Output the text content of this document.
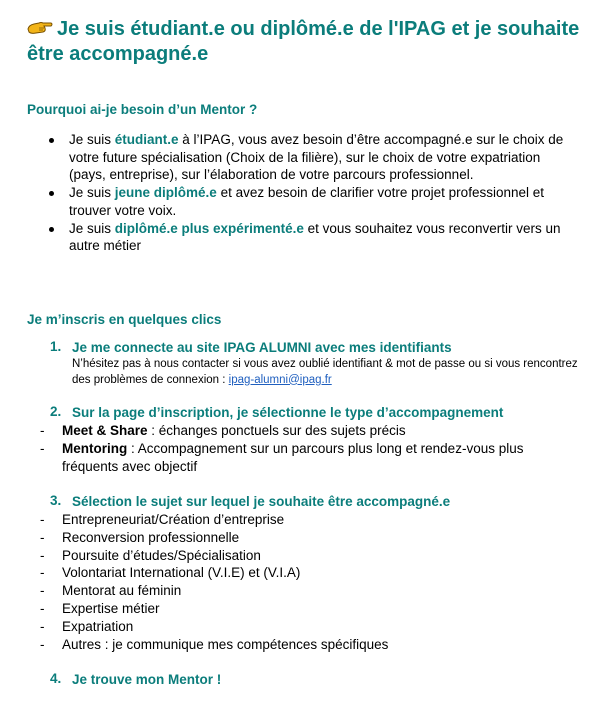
Je suis étudiant.e ou diplômé.e de l'IPAG et je souhaite être accompagné.e
Pourquoi ai-je besoin d’un Mentor ?
Je suis étudiant.e à l’IPAG, vous avez besoin d’être accompagné.e sur le choix de votre future spécialisation (Choix de la filière), sur le choix de votre expatriation (pays, entreprise), sur l’élaboration de votre parcours professionnel.
Je suis jeune diplômé.e et avez besoin de clarifier votre projet professionnel et trouver votre voix.
Je suis diplômé.e plus expérimenté.e et vous souhaitez vous reconvertir vers un autre métier
Je m’inscris en quelques clics
1. Je me connecte au site IPAG ALUMNI avec mes identifiants
N’hésitez pas à nous contacter si vous avez oublié identifiant & mot de passe ou si vous rencontrez des problèmes de connexion : ipag-alumni@ipag.fr
2. Sur la page d’inscription, je sélectionne le type d’accompagnement
- Meet & Share : échanges ponctuels sur des sujets précis
- Mentoring : Accompagnement sur un parcours plus long et rendez-vous plus fréquents avec objectif
3. Sélection le sujet sur lequel je souhaite être accompagné.e
- Entrepreneuriat/Création d’entreprise
- Reconversion professionnelle
- Poursuite d’études/Spécialisation
- Volontariat International (V.I.E) et (V.I.A)
- Mentorat au féminin
- Expertise métier
- Expatriation
- Autres : je communique mes compétences spécifiques
4. Je trouve mon Mentor !
